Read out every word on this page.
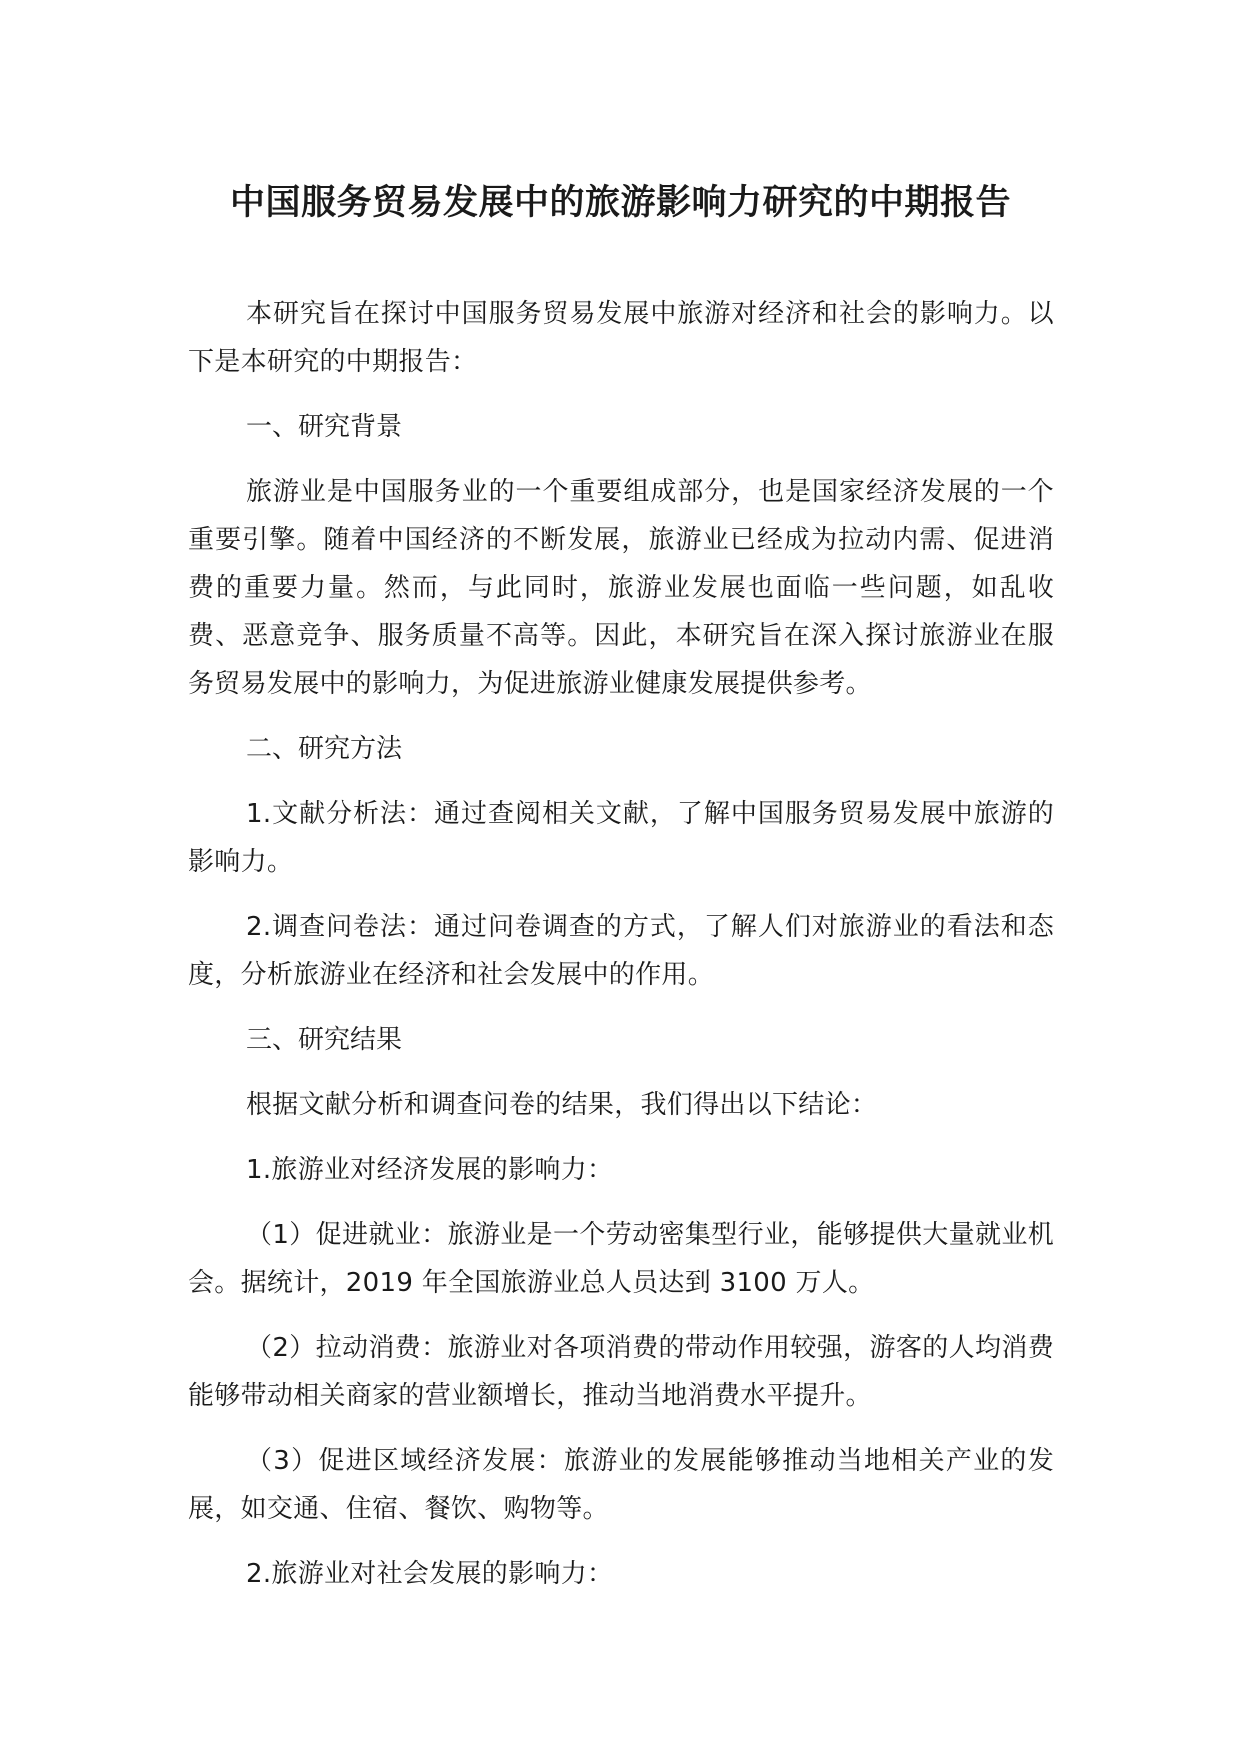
中国服务贸易发展中的旅游影响力研究的中期报告

本研究旨在探讨中国服务贸易发展中旅游对经济和社会的影响力。以下是本研究的中期报告：

一、研究背景

旅游业是中国服务业的一个重要组成部分，也是国家经济发展的一个重要引擎。随着中国经济的不断发展，旅游业已经成为拉动内需、促进消费的重要力量。然而，与此同时，旅游业发展也面临一些问题，如乱收费、恶意竞争、服务质量不高等。因此，本研究旨在深入探讨旅游业在服务贸易发展中的影响力，为促进旅游业健康发展提供参考。

二、研究方法

1.文献分析法：通过查阅相关文献，了解中国服务贸易发展中旅游的影响力。

2.调查问卷法：通过问卷调查的方式，了解人们对旅游业的看法和态度，分析旅游业在经济和社会发展中的作用。

三、研究结果

根据文献分析和调查问卷的结果，我们得出以下结论：

1.旅游业对经济发展的影响力：

（1）促进就业：旅游业是一个劳动密集型行业，能够提供大量就业机会。据统计，2019 年全国旅游业总人员达到 3100 万人。

（2）拉动消费：旅游业对各项消费的带动作用较强，游客的人均消费能够带动相关商家的营业额增长，推动当地消费水平提升。

（3）促进区域经济发展：旅游业的发展能够推动当地相关产业的发展，如交通、住宿、餐饮、购物等。

2.旅游业对社会发展的影响力：
